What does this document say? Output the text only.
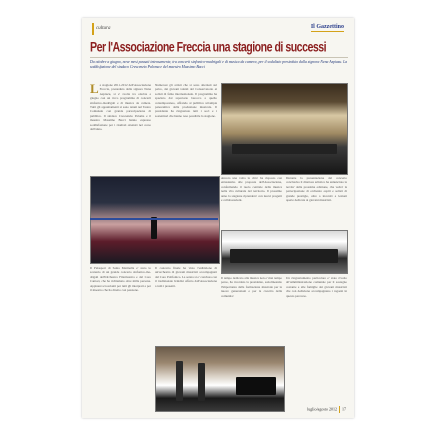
cultura	Il Gazzettino
Per l'Associazione Freccia una stagione di successi
Da ottobre a giugno, nove mesi passati intensamente, tra concerti sinfonico-madrigali e di musica da camera, per il sodalizio presieduto dalla signora Nena Azpiazu. La soddisfazione del sindaco Crescenzio Paloma e del maestro Massimo Bacci
L a stagione 2011-2012 dell'Associazione Freccia, presieduta dalla signora Nena Azpiazu, si e' svolta tra ottobre e giugno con un ricco programma di concerti sinfonico-madrigali e di musica da camera. Tutti gli appuntamenti si sono tenuti nel Teatro Comunale con grande partecipazione di pubblico. Il sindaco Crescenzio Paloma e il maestro Massimo Bacci hanno espresso soddisfazione per i risultati ottenuti nel corso dell'anno.
Numerosi gli artisti che si sono alternati sul palco, dai giovani talenti del Conservatorio ai solisti di fama internazionale. Il programma ha spaziato dal repertorio barocco a quello contemporaneo, offrendo al pubblico un'ampia panoramica della produzione musicale. Il presidente ha ringraziato tutti i soci e i sostenitori che hanno reso possibile la stagione.
Ancora una volta la citta' ha risposto con entusiasmo alle proposte dell'Associazione, confermando il ruolo centrale della musica nella vita culturale del territorio. Il prossimo anno la stagione riprendera' con nuovi progetti e collaborazioni.
Durante la presentazione del concerto conclusivo il direttore artistico ha annunciato le novita' della prossima edizione, che vedra' la partecipazione di orchestre ospiti e solisti di grande prestigio, oltre a incontri e lezioni aperte dedicate ai giovani musicisti.
Il Palasport di Santa Marinella e' stato lo scenario di un grande concerto sinfonico-madrigali dell'Orchestra Filarmonica e del Coro Cantori, che ha richiamato oltre mille persone. Applausi scroscianti per tutti gli interpreti e per il maestro che ha diretto con passione.
Il concerto finale ha visto l'esibizione di un'orchestra di giovani musicisti accompagnati dal Coro Polifonico. La serata si e' conclusa con il tradizionale brindisi offerto dall'Associazione a tutti i presenti.
Il tempo dedicato alla musica non e' mai tempo perso, ha ricordato la presidente, sottolineando l'importanza della formazione musicale per le nuove generazioni e per la crescita della comunita'.
Un ringraziamento particolare e' stato rivolto all'Amministrazione comunale per il sostegno costante e alle famiglie dei giovani musicisti che con dedizione accompagnano i ragazzi in questo percorso.
luglio/agosto 2012 17
